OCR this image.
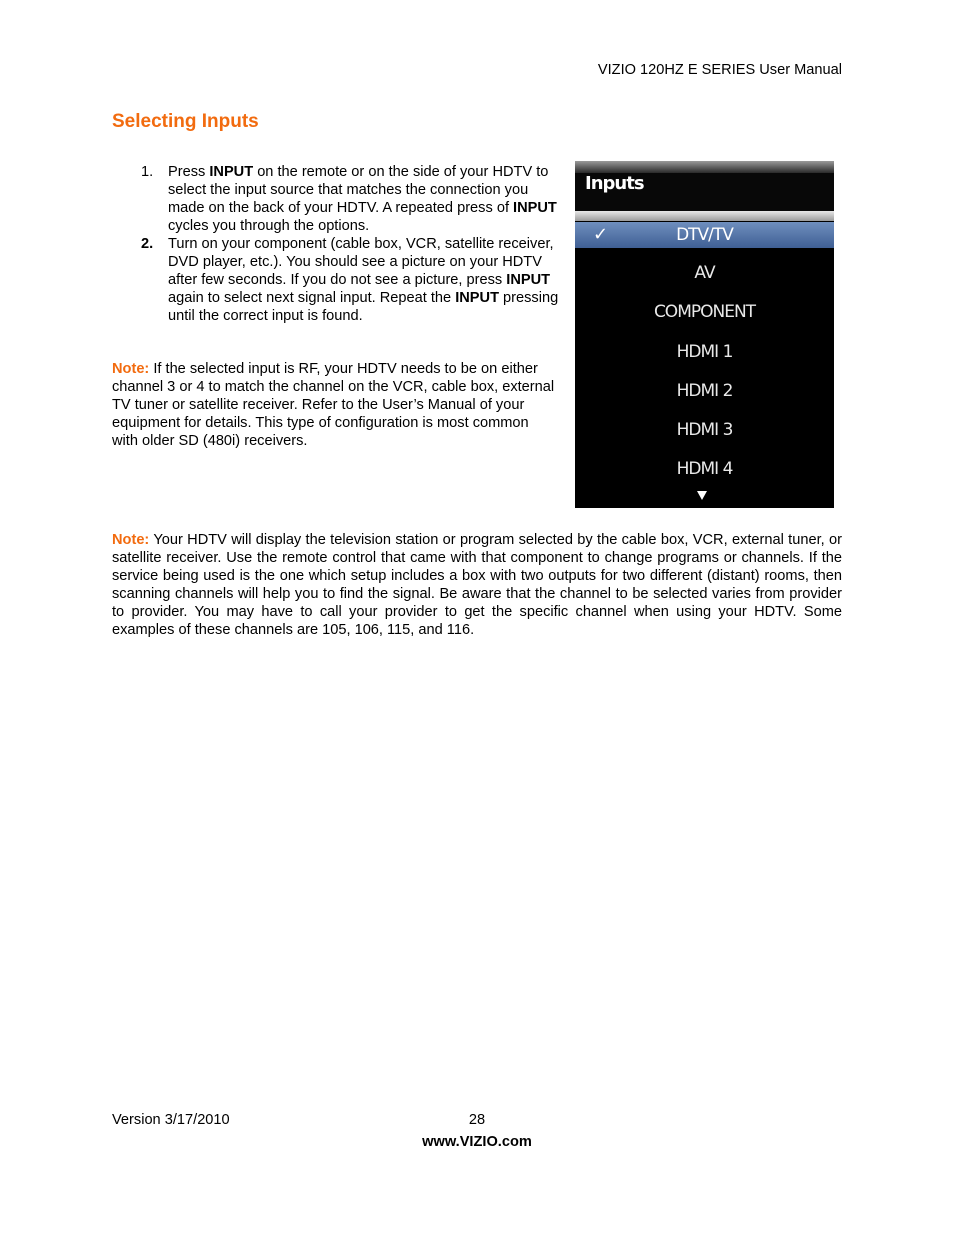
VIZIO 120HZ E SERIES User Manual
Selecting Inputs
1. Press INPUT on the remote or on the side of your HDTV to select the input source that matches the connection you made on the back of your HDTV. A repeated press of INPUT cycles you through the options.
2. Turn on your component (cable box, VCR, satellite receiver, DVD player, etc.). You should see a picture on your HDTV after few seconds. If you do not see a picture, press INPUT again to select next signal input. Repeat the INPUT pressing until the correct input is found.
Note: If the selected input is RF, your HDTV needs to be on either channel 3 or 4 to match the channel on the VCR, cable box, external TV tuner or satellite receiver. Refer to the User’s Manual of your equipment for details. This type of configuration is most common with older SD (480i) receivers.
Inputs
✓	DTV/TV
AV
COMPONENT
HDMI 1
HDMI 2
HDMI 3
HDMI 4
Note: Your HDTV will display the television station or program selected by the cable box, VCR, external tuner, or satellite receiver. Use the remote control that came with that component to change programs or channels. If the service being used is the one which setup includes a box with two outputs for two different (distant) rooms, then scanning channels will help you to find the signal. Be aware that the channel to be selected varies from provider to provider. You may have to call your provider to get the specific channel when using your HDTV. Some examples of these channels are 105, 106, 115, and 116.
Version 3/17/2010	28
www.VIZIO.com
